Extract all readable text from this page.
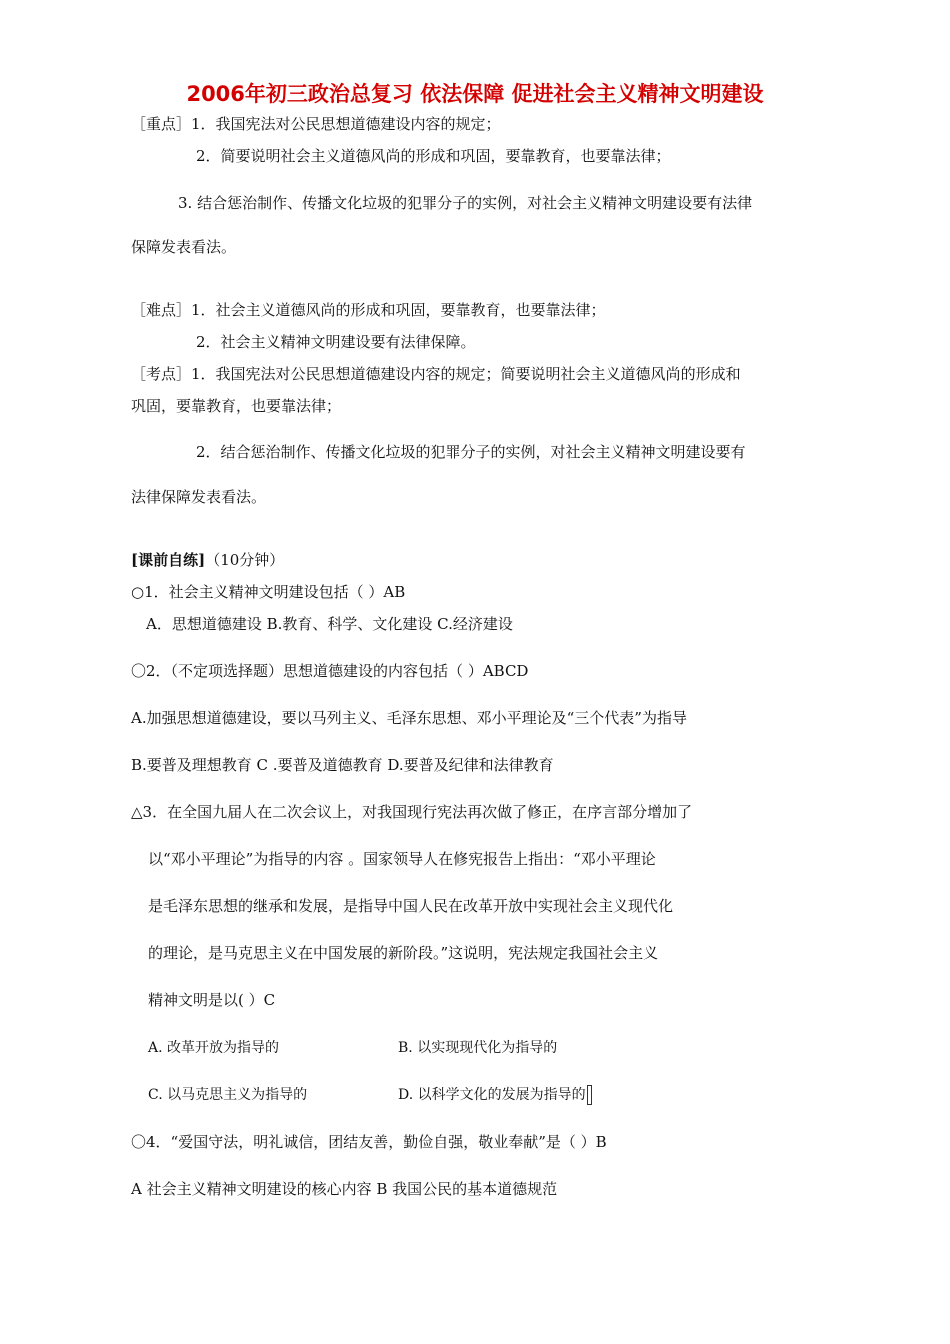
2006年初三政治总复习 依法保障 促进社会主义精神文明建设
［重点］1．我国宪法对公民思想道德建设内容的规定；
2．简要说明社会主义道德风尚的形成和巩固，要靠教育，也要靠法律；
3. 结合惩治制作、传播文化垃圾的犯罪分子的实例，对社会主义精神文明建设要有法律
保障发表看法。
［难点］1．社会主义道德风尚的形成和巩固，要靠教育，也要靠法律；
2．社会主义精神文明建设要有法律保障。
［考点］1．我国宪法对公民思想道德建设内容的规定；简要说明社会主义道德风尚的形成和
巩固，要靠教育，也要靠法律；
2．结合惩治制作、传播文化垃圾的犯罪分子的实例，对社会主义精神文明建设要有
法律保障发表看法。
[课前自练]（10分钟）
○1．社会主义精神文明建设包括（ ）AB
A．思想道德建设 B.教育、科学、文化建设 C.经济建设
〇2．（不定项选择题）思想道德建设的内容包括（ ）ABCD
A.加强思想道德建设，要以马列主义、毛泽东思想、邓小平理论及“三个代表”为指导
B.要普及理想教育 C .要普及道德教育 D.要普及纪律和法律教育
△3．在全国九届人在二次会议上，对我国现行宪法再次做了修正，在序言部分增加了
以“邓小平理论”为指导的内容 。国家领导人在修宪报告上指出：“邓小平理论
是毛泽东思想的继承和发展，是指导中国人民在改革开放中实现社会主义现代化
的理论，是马克思主义在中国发展的新阶段。”这说明，宪法规定我国社会主义
精神文明是以( ）C
A. 改革开放为指导的	B. 以实现现代化为指导的
C. 以马克思主义为指导的	D. 以科学文化的发展为指导的
〇4．“爱国守法，明礼诚信，团结友善，勤俭自强，敬业奉献”是（ ）B
A 社会主义精神文明建设的核心内容 B 我国公民的基本道德规范
